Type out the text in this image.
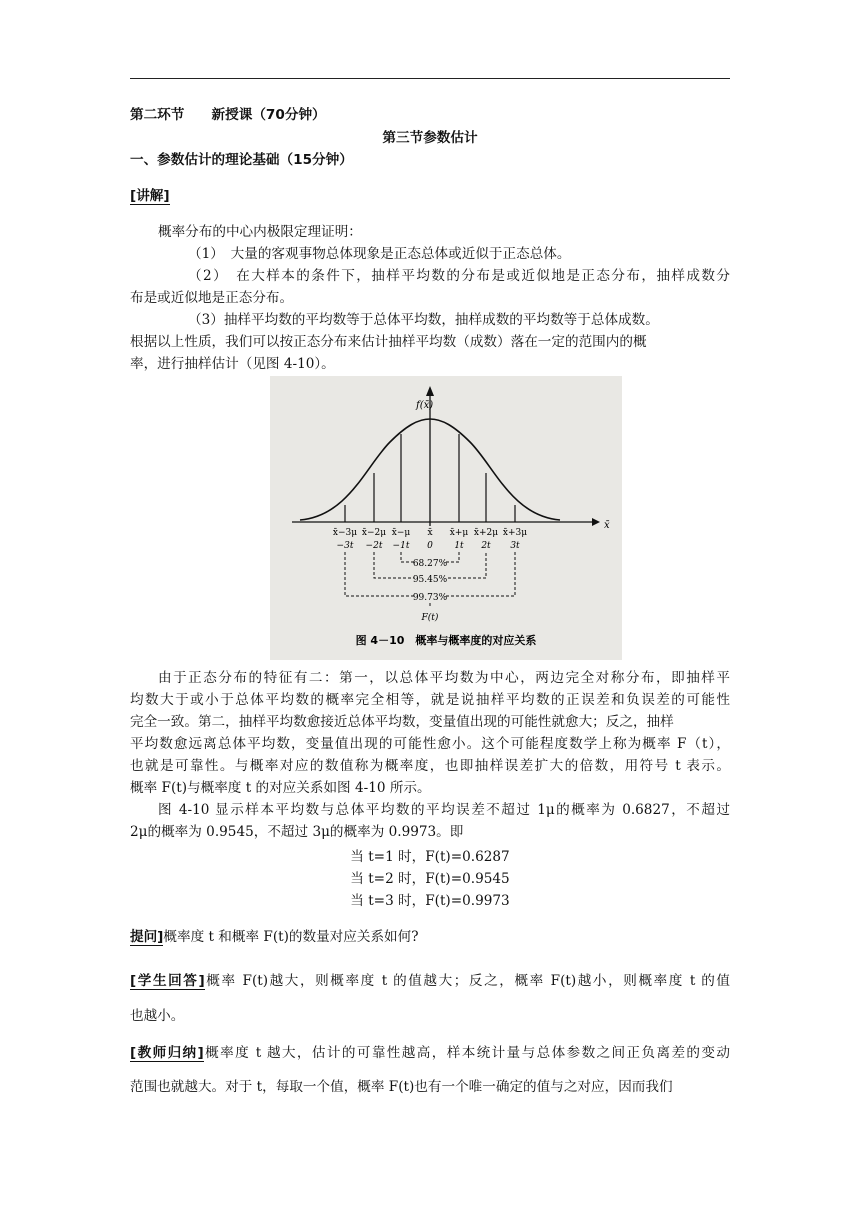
第二环节　　新授课（70分钟）
第三节参数估计
一、参数估计的理论基础（15分钟）
[讲解]
概率分布的中心内极限定理证明：
（1）　大量的客观事物总体现象是正态总体或近似于正态总体。
（2）　在大样本的条件下，抽样平均数的分布是或近似地是正态分布，抽样成数分
布是或近似地是正态分布。
（3）抽样平均数的平均数等于总体平均数，抽样成数的平均数等于总体成数。
根据以上性质，我们可以按正态分布来估计抽样平均数（成数）落在一定的范围内的概
率，进行抽样估计（见图 4-10）。
f(x̄)
x̄
x̄−3μ x̄−2μ x̄−μ x̄ x̄+μ x̄+2μ x̄+3μ
−3t −2t −1t 0 1t 2t 3t
68.27%
95.45%
99.73%
F(t)
图 4－10　概率与概率度的对应关系
由于正态分布的特征有二：第一，以总体平均数为中心，两边完全对称分布，即抽样平
均数大于或小于总体平均数的概率完全相等，就是说抽样平均数的正误差和负误差的可能性
完全一致。第二，抽样平均数愈接近总体平均数，变量值出现的可能性就愈大；反之，抽样
平均数愈远离总体平均数，变量值出现的可能性愈小。这个可能程度数学上称为概率 F（t），
也就是可靠性。与概率对应的数值称为概率度，也即抽样误差扩大的倍数，用符号 t 表示。
概率 F(t)与概率度 t 的对应关系如图 4-10 所示。
图 4-10 显示样本平均数与总体平均数的平均误差不超过 1μ的概率为 0.6827，不超过
2μ的概率为 0.9545，不超过 3μ的概率为 0.9973。即
当 t=1 时，F(t)=0.6287
当 t=2 时，F(t)=0.9545
当 t=3 时，F(t)=0.9973
提问]概率度 t 和概率 F(t)的数量对应关系如何?
[学生回答]概率 F(t)越大，则概率度 t 的值越大；反之，概率 F(t)越小，则概率度 t 的值
也越小。
[教师归纳]概率度 t 越大，估计的可靠性越高，样本统计量与总体参数之间正负离差的变动
范围也就越大。对于 t，每取一个值，概率 F(t)也有一个唯一确定的值与之对应，因而我们
